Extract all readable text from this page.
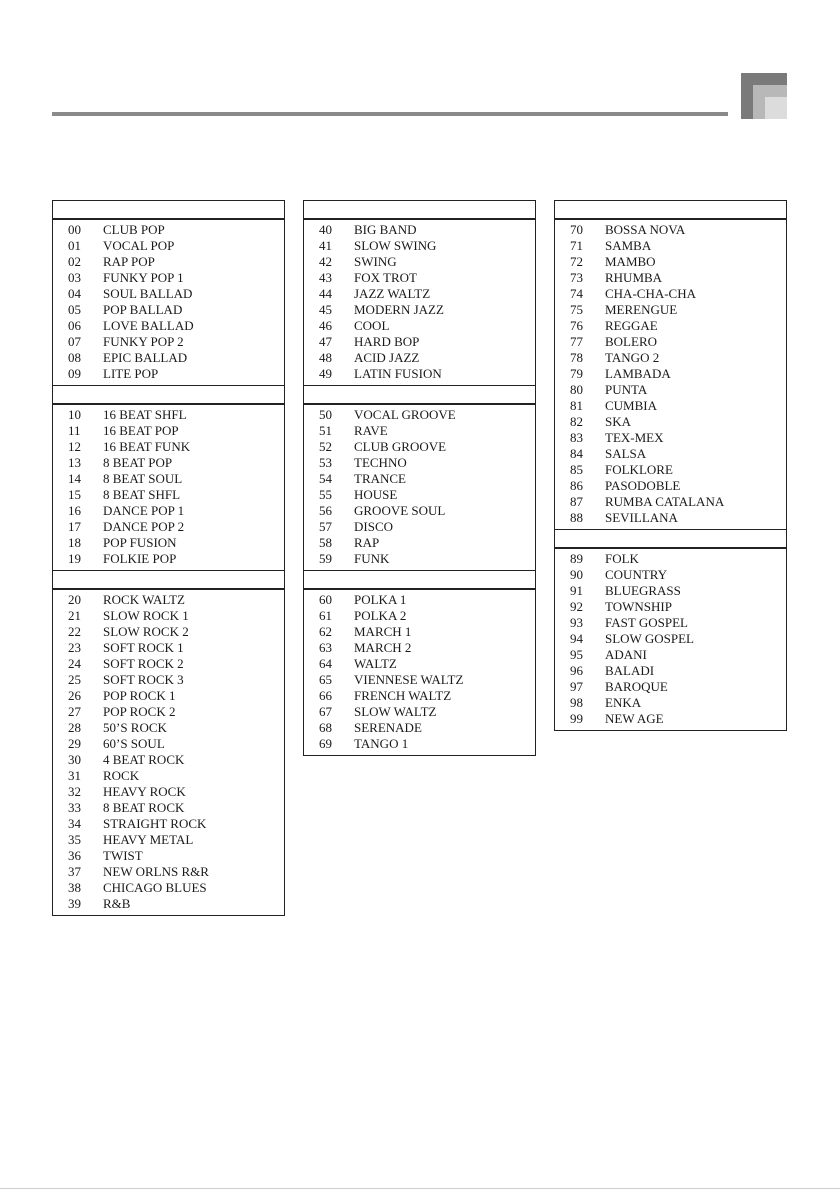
00 CLUB POP
01 VOCAL POP
02 RAP POP
03 FUNKY POP 1
04 SOUL BALLAD
05 POP BALLAD
06 LOVE BALLAD
07 FUNKY POP 2
08 EPIC BALLAD
09 LITE POP
10 16 BEAT SHFL
11 16 BEAT POP
12 16 BEAT FUNK
13 8 BEAT POP
14 8 BEAT SOUL
15 8 BEAT SHFL
16 DANCE POP 1
17 DANCE POP 2
18 POP FUSION
19 FOLKIE POP
20 ROCK WALTZ
21 SLOW ROCK 1
22 SLOW ROCK 2
23 SOFT ROCK 1
24 SOFT ROCK 2
25 SOFT ROCK 3
26 POP ROCK 1
27 POP ROCK 2
28 50’S ROCK
29 60’S SOUL
30 4 BEAT ROCK
31 ROCK
32 HEAVY ROCK
33 8 BEAT ROCK
34 STRAIGHT ROCK
35 HEAVY METAL
36 TWIST
37 NEW ORLNS R&R
38 CHICAGO BLUES
39 R&B
40 BIG BAND
41 SLOW SWING
42 SWING
43 FOX TROT
44 JAZZ WALTZ
45 MODERN JAZZ
46 COOL
47 HARD BOP
48 ACID JAZZ
49 LATIN FUSION
50 VOCAL GROOVE
51 RAVE
52 CLUB GROOVE
53 TECHNO
54 TRANCE
55 HOUSE
56 GROOVE SOUL
57 DISCO
58 RAP
59 FUNK
60 POLKA 1
61 POLKA 2
62 MARCH 1
63 MARCH 2
64 WALTZ
65 VIENNESE WALTZ
66 FRENCH WALTZ
67 SLOW WALTZ
68 SERENADE
69 TANGO 1
70 BOSSA NOVA
71 SAMBA
72 MAMBO
73 RHUMBA
74 CHA-CHA-CHA
75 MERENGUE
76 REGGAE
77 BOLERO
78 TANGO 2
79 LAMBADA
80 PUNTA
81 CUMBIA
82 SKA
83 TEX-MEX
84 SALSA
85 FOLKLORE
86 PASODOBLE
87 RUMBA CATALANA
88 SEVILLANA
89 FOLK
90 COUNTRY
91 BLUEGRASS
92 TOWNSHIP
93 FAST GOSPEL
94 SLOW GOSPEL
95 ADANI
96 BALADI
97 BAROQUE
98 ENKA
99 NEW AGE
